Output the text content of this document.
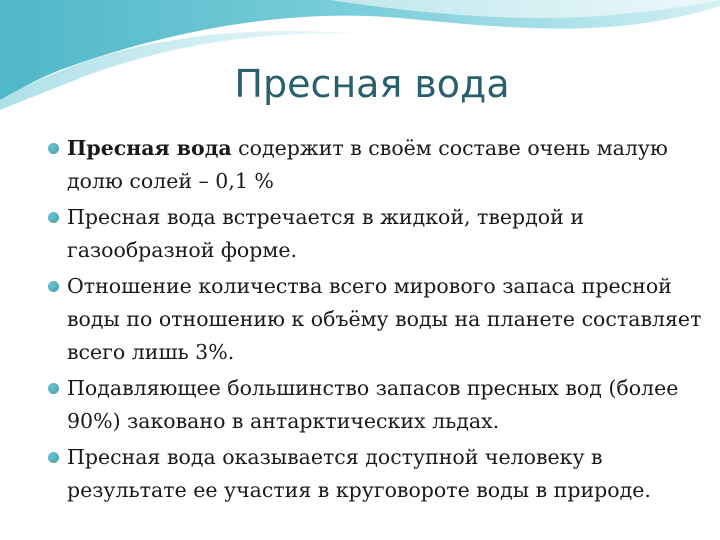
Пресная вода
Пресная вода содержит в своём составе очень малую долю солей – 0,1 %
Пресная вода встречается в жидкой, твердой и газообразной форме.
Отношение количества всего мирового запаса пресной воды по отношению к объёму воды на планете составляет всего лишь 3%.
Подавляющее большинство запасов пресных вод (более 90%) заковано в антарктических льдах.
Пресная вода оказывается доступной человеку в результате ее участия в круговороте воды в природе.
